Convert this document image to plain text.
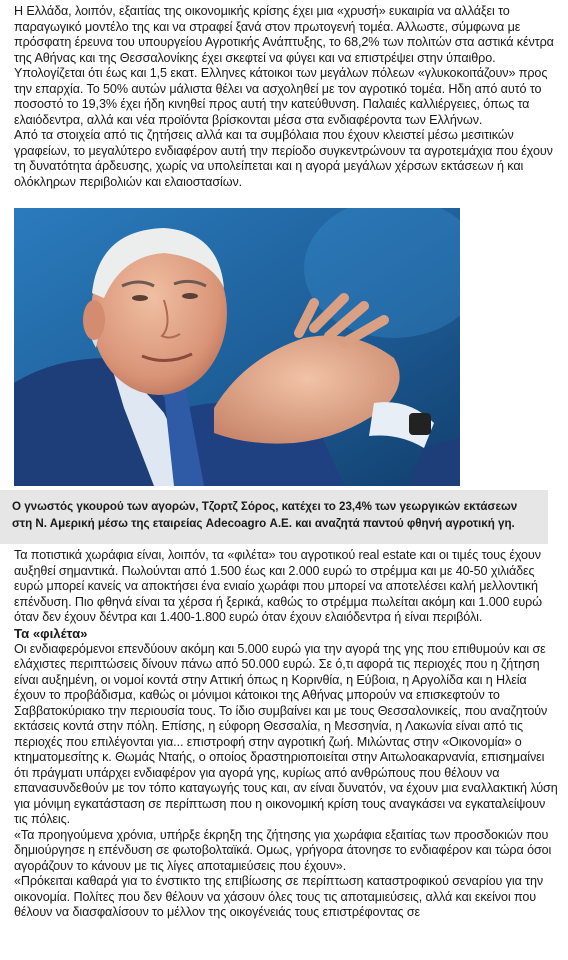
Η Ελλάδα, λοιπόν, εξαιτίας της οικονομικής κρίσης έχει μια «χρυσή» ευκαιρία να αλλάξει το παραγωγικό μοντέλο της και να στραφεί ξανά στον πρωτογενή τομέα. Αλλωστε, σύμφωνα με πρόσφατη έρευνα του υπουργείου Αγροτικής Ανάπτυξης, το 68,2% των πολιτών στα αστικά κέντρα της Αθήνας και της Θεσσαλονίκης έχει σκεφτεί να φύγει και να επιστρέψει στην ύπαιθρο. Υπολογίζεται ότι έως και 1,5 εκατ. Ελληνες κάτοικοι των μεγάλων πόλεων «γλυκοκοιτάζουν» προς την επαρχία. Το 50% αυτών μάλιστα θέλει να ασχοληθεί με τον αγροτικό τομέα. Ηδη από αυτό το ποσοστό το 19,3% έχει ήδη κινηθεί προς αυτή την κατεύθυνση. Παλαιές καλλιέργειες, όπως τα ελαιόδεντρα, αλλά και νέα προϊόντα βρίσκονται μέσα στα ενδιαφέροντα των Ελλήνων.

Από τα στοιχεία από τις ζητήσεις αλλά και τα συμβόλαια που έχουν κλειστεί μέσω μεσιτικών γραφείων, το μεγαλύτερο ενδιαφέρον αυτή την περίοδο συγκεντρώνουν τα αγροτεμάχια που έχουν τη δυνατότητα άρδευσης, χωρίς να υπολείπεται και η αγορά μεγάλων χέρσων εκτάσεων ή και ολόκληρων περιβολιών και ελαιοστασίων.

Ο γνωστός γκουρού των αγορών, Τζορτζ Σόρος, κατέχει το 23,4% των γεωργικών εκτάσεων στη Ν. Αμερική μέσω της εταιρείας Adecoagro Α.Ε. και αναζητά παντού φθηνή αγροτική γη.

Τα ποτιστικά χωράφια είναι, λοιπόν, τα «φιλέτα» του αγροτικού real estate και οι τιμές τους έχουν αυξηθεί σημαντικά. Πωλούνται από 1.500 έως και 2.000 ευρώ το στρέμμα και με 40-50 χιλιάδες ευρώ μπορεί κανείς να αποκτήσει ένα ενιαίο χωράφι που μπορεί να αποτελέσει καλή μελλοντική επένδυση. Πιο φθηνά είναι τα χέρσα ή ξερικά, καθώς το στρέμμα πωλείται ακόμη και 1.000 ευρώ όταν δεν έχουν δέντρα και 1.400-1.800 ευρώ όταν έχουν ελαιόδεντρα ή είναι περιβόλι.

Τα «φιλέτα»

Οι ενδιαφερόμενοι επενδύουν ακόμη και 5.000 ευρώ για την αγορά της γης που επιθυμούν και σε ελάχιστες περιπτώσεις δίνουν πάνω από 50.000 ευρώ. Σε ό,τι αφορά τις περιοχές που η ζήτηση είναι αυξημένη, οι νομοί κοντά στην Αττική όπως η Κορινθία, η Εύβοια, η Αργολίδα και η Ηλεία έχουν το προβάδισμα, καθώς οι μόνιμοι κάτοικοι της Αθήνας μπορούν να επισκεφτούν το Σαββατοκύριακο την περιουσία τους. Το ίδιο συμβαίνει και με τους Θεσσαλονικείς, που αναζητούν εκτάσεις κοντά στην πόλη. Επίσης, η εύφορη Θεσσαλία, η Μεσσηνία, η Λακωνία είναι από τις περιοχές που επιλέγονται για... επιστροφή στην αγροτική ζωή. Μιλώντας στην «Οικονομία» ο κτηματομεσίτης κ. Θωμάς Νταής, ο οποίος δραστηριοποιείται στην Αιτωλοακαρνανία, επισημαίνει ότι πράγματι υπάρχει ενδιαφέρον για αγορά γης, κυρίως από ανθρώπους που θέλουν να επανασυνδεθούν με τον τόπο καταγωγής τους και, αν είναι δυνατόν, να έχουν μια εναλλακτική λύση για μόνιμη εγκατάσταση σε περίπτωση που η οικονομική κρίση τους αναγκάσει να εγκαταλείψουν τις πόλεις.

«Τα προηγούμενα χρόνια, υπήρξε έκρηξη της ζήτησης για χωράφια εξαιτίας των προσδοκιών που δημιούργησε η επένδυση σε φωτοβολταϊκά. Ομως, γρήγορα άτονησε το ενδιαφέρον και τώρα όσοι αγοράζουν το κάνουν με τις λίγες αποταμιεύσεις που έχουν».

«Πρόκειται καθαρά για το ένστικτο της επιβίωσης σε περίπτωση καταστροφικού σεναρίου για την οικονομία. Πολίτες που δεν θέλουν να χάσουν όλες τους τις αποταμιεύσεις, αλλά και εκείνοι που θέλουν να διασφαλίσουν το μέλλον της οικογένειάς τους επιστρέφοντας σε
